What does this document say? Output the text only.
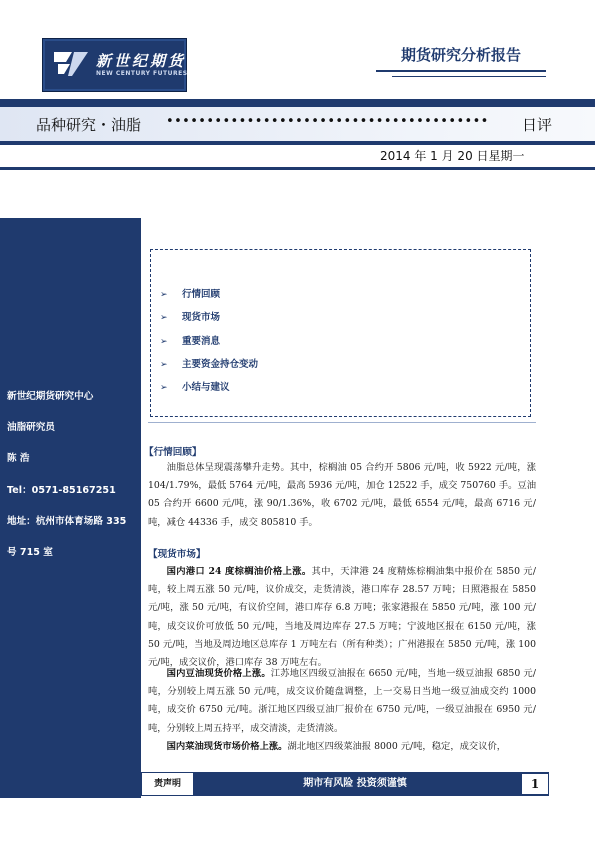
新世纪期货
NEW CENTURY FUTURES
期货研究分析报告
品种研究・油脂 •••••••••••••••••••••••••••••••••••••••• 日评
2014 年 1 月 20 日星期一
新世纪期货研究中心
油脂研究员
陈 浩
Tel：0571-85167251
地址：杭州市体育场路 335
号 715 室
➢ 行情回顾
➢ 现货市场
➢ 重要消息
➢ 主要资金持仓变动
➢ 小结与建议
【行情回顾】
油脂总体呈现震荡攀升走势。其中，棕榈油 05 合约开 5806 元/吨，收 5922 元/吨，涨 104/1.79%，最低 5764 元/吨，最高 5936 元/吨，加仓 12522 手，成交 750760 手。豆油 05 合约开 6600 元/吨，涨 90/1.36%，收 6702 元/吨，最低 6554 元/吨，最高 6716 元/吨，减仓 44336 手，成交 805810 手。
【现货市场】
国内港口 24 度棕榈油价格上涨。其中，天津港 24 度精炼棕榈油集中报价在 5850 元/吨，较上周五涨 50 元/吨，议价成交，走货清淡，港口库存 28.57 万吨；日照港报在 5850 元/吨，涨 50 元/吨，有议价空间，港口库存 6.8 万吨；张家港报在 5850 元/吨，涨 100 元/吨，成交议价可放低 50 元/吨，当地及周边库存 27.5 万吨；宁波地区报在 6150 元/吨，涨 50 元/吨，当地及周边地区总库存 1 万吨左右（所有种类）；广州港报在 5850 元/吨，涨 100 元/吨，成交议价，港口库存 38 万吨左右。
国内豆油现货价格上涨。江苏地区四级豆油报在 6650 元/吨，当地一级豆油报 6850 元/吨，分别较上周五涨 50 元/吨，成交议价随盘调整，上一交易日当地一级豆油成交约 1000 吨，成交价 6750 元/吨。浙江地区四级豆油厂报价在 6750 元/吨，一级豆油报在 6950 元/吨，分别较上周五持平，成交清淡，走货清淡。
国内菜油现货市场价格上涨。湖北地区四级菜油报 8000 元/吨，稳定，成交议价，
责声明	期市有风险 投资须谨慎	1
